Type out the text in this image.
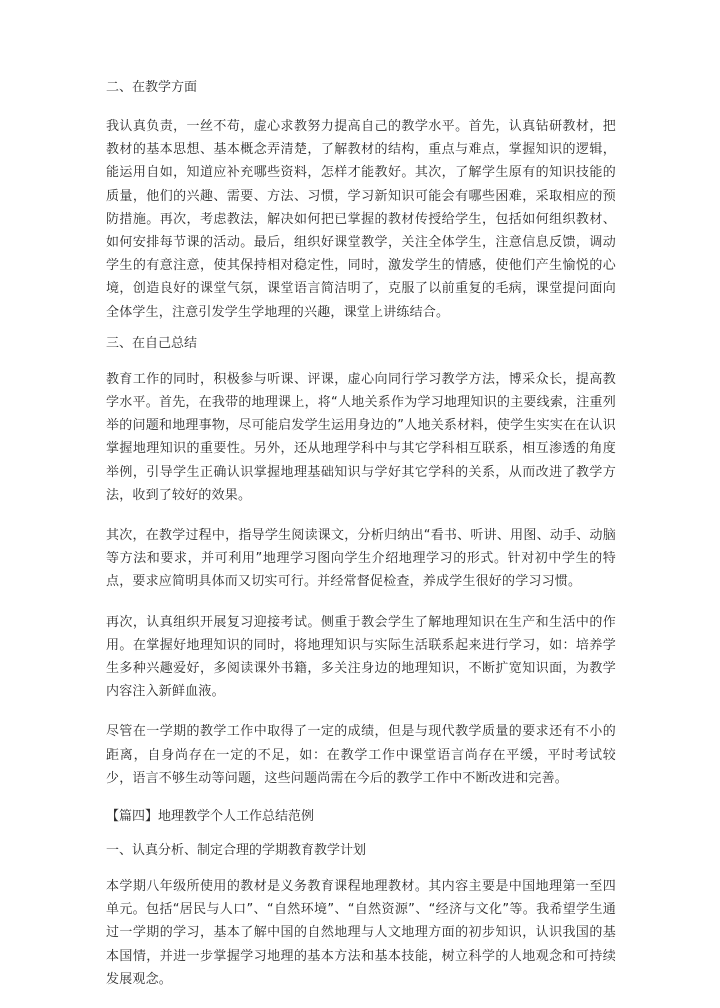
二、在教学方面
我认真负责，一丝不苟，虚心求教努力提高自己的教学水平。首先，认真钻研教材，把教材的基本思想、基本概念弄清楚，了解教材的结构，重点与难点，掌握知识的逻辑，能运用自如，知道应补充哪些资料，怎样才能教好。其次，了解学生原有的知识技能的质量，他们的兴趣、需要、方法、习惯，学习新知识可能会有哪些困难，采取相应的预防措施。再次，考虑教法，解决如何把已掌握的教材传授给学生，包括如何组织教材、如何安排每节课的活动。最后，组织好课堂教学，关注全体学生，注意信息反馈，调动学生的有意注意，使其保持相对稳定性，同时，激发学生的情感，使他们产生愉悦的心境，创造良好的课堂气氛，课堂语言简洁明了，克服了以前重复的毛病，课堂提问面向全体学生，注意引发学生学地理的兴趣，课堂上讲练结合。
三、在自己总结
教育工作的同时，积极参与听课、评课，虚心向同行学习教学方法，博采众长，提高教学水平。首先，在我带的地理课上，将“人地关系作为学习地理知识的主要线索，注重列举的问题和地理事物，尽可能启发学生运用身边的”人地关系材料，使学生实实在在认识掌握地理知识的重要性。另外，还从地理学科中与其它学科相互联系，相互渗透的角度举例，引导学生正确认识掌握地理基础知识与学好其它学科的关系，从而改进了教学方法，收到了较好的效果。
其次，在教学过程中，指导学生阅读课文，分析归纳出“看书、听讲、用图、动手、动脑等方法和要求，并可利用”地理学习图向学生介绍地理学习的形式。针对初中学生的特点，要求应简明具体而又切实可行。并经常督促检查，养成学生很好的学习习惯。
再次，认真组织开展复习迎接考试。侧重于教会学生了解地理知识在生产和生活中的作用。在掌握好地理知识的同时，将地理知识与实际生活联系起来进行学习，如：培养学生多种兴趣爱好，多阅读课外书籍，多关注身边的地理知识，不断扩宽知识面，为教学内容注入新鲜血液。
尽管在一学期的教学工作中取得了一定的成绩，但是与现代教学质量的要求还有不小的距离，自身尚存在一定的不足，如：在教学工作中课堂语言尚存在平缓，平时考试较少，语言不够生动等问题，这些问题尚需在今后的教学工作中不断改进和完善。
【篇四】地理教学个人工作总结范例
一、认真分析、制定合理的学期教育教学计划
本学期八年级所使用的教材是义务教育课程地理教材。其内容主要是中国地理第一至四单元。包括“居民与人口”、“自然环境”、“自然资源”、“经济与文化”等。我希望学生通过一学期的学习，基本了解中国的自然地理与人文地理方面的初步知识，认识我国的基本国情，并进一步掌握学习地理的基本方法和基本技能，树立科学的人地观念和可持续发展观念。
